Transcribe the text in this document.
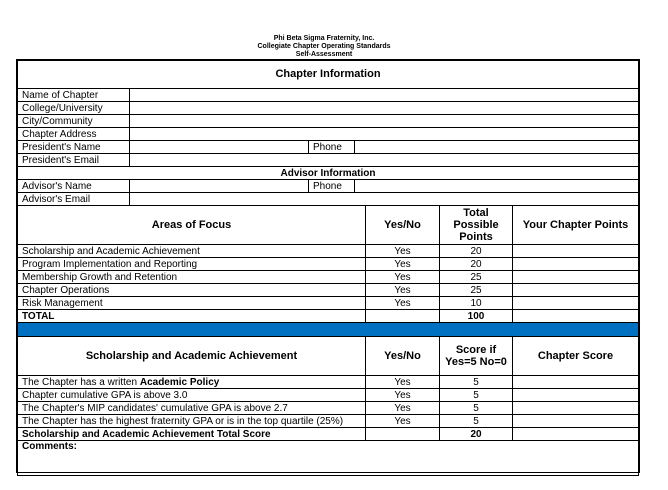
Phi Beta Sigma Fraternity, Inc.
Collegiate Chapter Operating Standards
Self-Assessment
Chapter Information			
Name of Chapter			
College/University			
City/Community			
Chapter Address			
President's Name		Phone	
President's Email			
Advisor Information			
Advisor's Name		Phone	
Advisor's Email			
Areas of Focus	Yes/No	Total Possible Points	Your Chapter Points
Scholarship and Academic Achievement	Yes	20	
Program Implementation and Reporting	Yes	20	
Membership Growth and Retention	Yes	25	
Chapter Operations	Yes	25	
Risk Management	Yes	10	
TOTAL		100	

Scholarship and Academic Achievement	Yes/No	Score if Yes=5 No=0	Chapter Score
The Chapter has a written Academic Policy	Yes	5	
Chapter cumulative GPA is above 3.0	Yes	5	
The Chapter's MIP candidates' cumulative GPA is above 2.7	Yes	5	
The Chapter has the highest fraternity GPA or is in the top quartile (25%)	Yes	5	
Scholarship and Academic Achievement Total Score		20	
Comments:			
